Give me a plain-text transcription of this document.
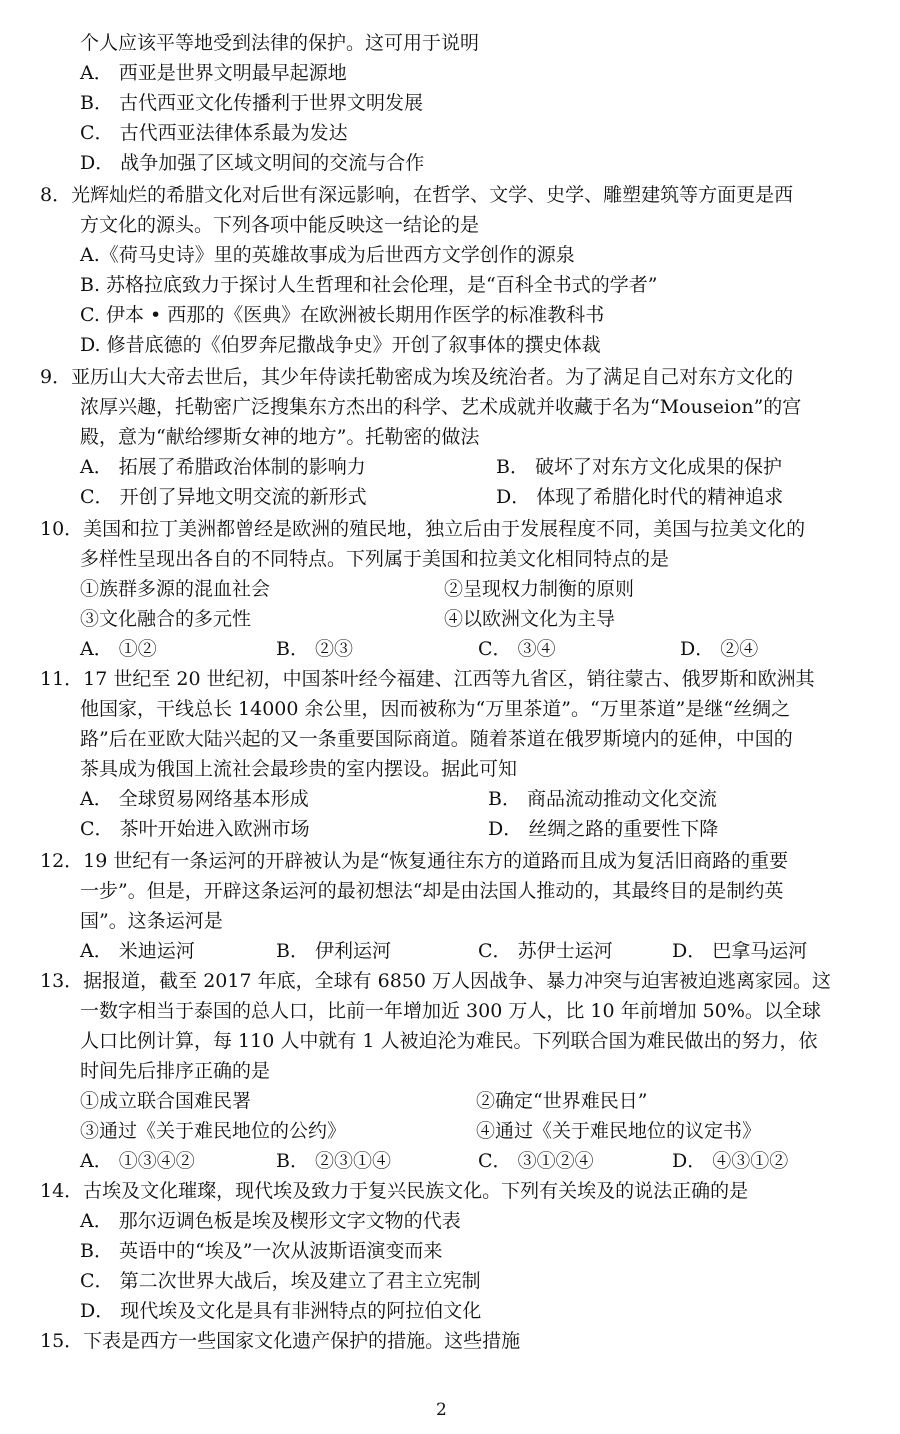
个人应该平等地受到法律的保护。这可用于说明
A． 西亚是世界文明最早起源地
B． 古代西亚文化传播利于世界文明发展
C． 古代西亚法律体系最为发达
D． 战争加强了区域文明间的交流与合作
8．光辉灿烂的希腊文化对后世有深远影响，在哲学、文学、史学、雕塑建筑等方面更是西
方文化的源头。下列各项中能反映这一结论的是
A.《荷马史诗》里的英雄故事成为后世西方文学创作的源泉
B. 苏格拉底致力于探讨人生哲理和社会伦理，是“百科全书式的学者”
C. 伊本 • 西那的《医典》在欧洲被长期用作医学的标准教科书
D. 修昔底德的《伯罗奔尼撒战争史》开创了叙事体的撰史体裁
9．亚历山大大帝去世后，其少年侍读托勒密成为埃及统治者。为了满足自己对东方文化的
浓厚兴趣，托勒密广泛搜集东方杰出的科学、艺术成就并收藏于名为“Mouseion”的宫
殿，意为“献给缪斯女神的地方”。托勒密的做法
A． 拓展了希腊政治体制的影响力	B． 破坏了对东方文化成果的保护
C． 开创了异地文明交流的新形式	D． 体现了希腊化时代的精神追求
10．美国和拉丁美洲都曾经是欧洲的殖民地，独立后由于发展程度不同，美国与拉美文化的
多样性呈现出各自的不同特点。下列属于美国和拉美文化相同特点的是
①族群多源的混血社会	②呈现权力制衡的原则
③文化融合的多元性	④以欧洲文化为主导
A． ①②	B． ②③	C． ③④	D． ②④
11．17 世纪至 20 世纪初，中国茶叶经今福建、江西等九省区，销往蒙古、俄罗斯和欧洲其
他国家，干线总长 14000 余公里，因而被称为“万里茶道”。“万里茶道”是继“丝绸之
路”后在亚欧大陆兴起的又一条重要国际商道。随着茶道在俄罗斯境内的延伸，中国的
茶具成为俄国上流社会最珍贵的室内摆设。据此可知
A． 全球贸易网络基本形成	B． 商品流动推动文化交流
C． 茶叶开始进入欧洲市场	D． 丝绸之路的重要性下降
12．19 世纪有一条运河的开辟被认为是“恢复通往东方的道路而且成为复活旧商路的重要
一步”。但是，开辟这条运河的最初想法“却是由法国人推动的，其最终目的是制约英
国”。这条运河是
A． 米迪运河	B． 伊利运河	C． 苏伊士运河	D． 巴拿马运河
13．据报道，截至 2017 年底，全球有 6850 万人因战争、暴力冲突与迫害被迫逃离家园。这
一数字相当于泰国的总人口，比前一年增加近 300 万人，比 10 年前增加 50%。以全球
人口比例计算，每 110 人中就有 1 人被迫沦为难民。下列联合国为难民做出的努力，依
时间先后排序正确的是
①成立联合国难民署	②确定“世界难民日”
③通过《关于难民地位的公约》	④通过《关于难民地位的议定书》
A． ①③④②	B． ②③①④	C． ③①②④	D． ④③①②
14．古埃及文化璀璨，现代埃及致力于复兴民族文化。下列有关埃及的说法正确的是
A． 那尔迈调色板是埃及楔形文字文物的代表
B． 英语中的“埃及”一次从波斯语演变而来
C． 第二次世界大战后，埃及建立了君主立宪制
D． 现代埃及文化是具有非洲特点的阿拉伯文化
15．下表是西方一些国家文化遗产保护的措施。这些措施
2
